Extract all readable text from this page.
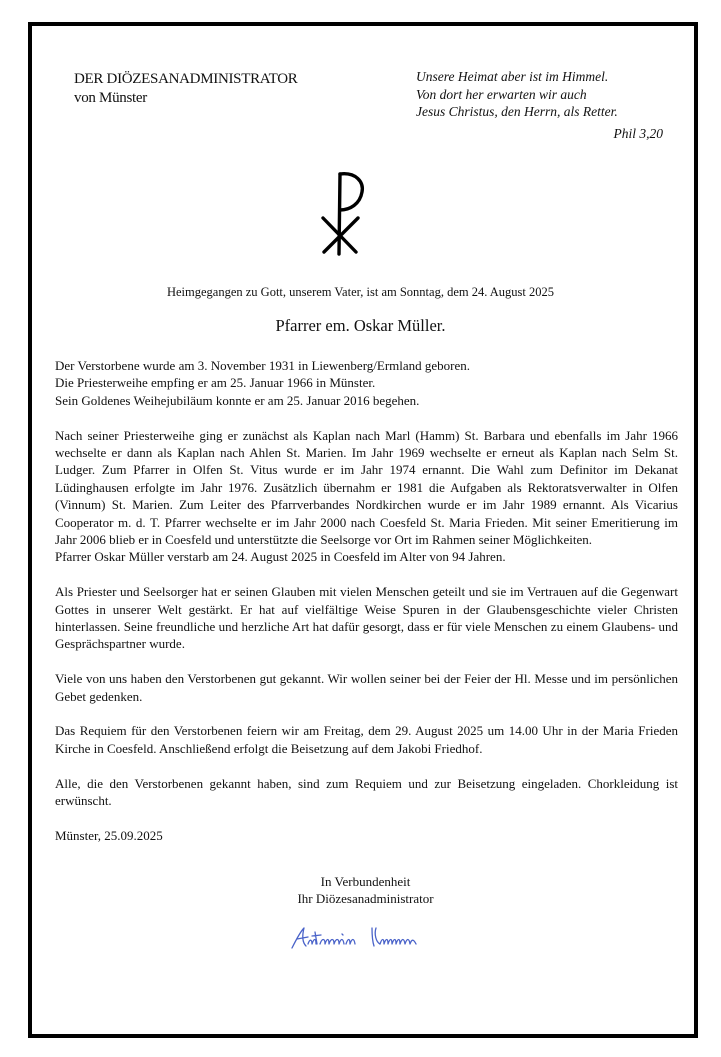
DER DIÖZESANADMINISTRATOR
von Münster
Unsere Heimat aber ist im Himmel.
Von dort her erwarten wir auch
Jesus Christus, den Herrn, als Retter.
Phil 3,20
Heimgegangen zu Gott, unserem Vater, ist am Sonntag, dem 24. August 2025
Pfarrer em. Oskar Müller.

Der Verstorbene wurde am 3. November 1931 in Liewenberg/Ermland geboren.
Die Priesterweihe empfing er am 25. Januar 1966 in Münster.
Sein Goldenes Weihejubiläum konnte er am 25. Januar 2016 begehen.

Nach seiner Priesterweihe ging er zunächst als Kaplan nach Marl (Hamm) St. Barbara und ebenfalls im Jahr 1966 wechselte er dann als Kaplan nach Ahlen St. Marien. Im Jahr 1969 wechselte er erneut als Kaplan nach Selm St. Ludger. Zum Pfarrer in Olfen St. Vitus wurde er im Jahr 1974 ernannt. Die Wahl zum Definitor im Dekanat Lüdinghausen erfolgte im Jahr 1976. Zusätzlich übernahm er 1981 die Aufgaben als Rektoratsverwalter in Olfen (Vinnum) St. Marien. Zum Leiter des Pfarrverbandes Nordkirchen wurde er im Jahr 1989 ernannt. Als Vicarius Cooperator m. d. T. Pfarrer wechselte er im Jahr 2000 nach Coesfeld St. Maria Frieden. Mit seiner Emeritierung im Jahr 2006 blieb er in Coesfeld und unterstützte die Seelsorge vor Ort im Rahmen seiner Möglichkeiten.

Pfarrer Oskar Müller verstarb am 24. August 2025 in Coesfeld im Alter von 94 Jahren.

Als Priester und Seelsorger hat er seinen Glauben mit vielen Menschen geteilt und sie im Vertrauen auf die Gegenwart Gottes in unserer Welt gestärkt. Er hat auf vielfältige Weise Spuren in der Glaubensgeschichte vieler Christen hinterlassen. Seine freundliche und herzliche Art hat dafür gesorgt, dass er für viele Menschen zu einem Glaubens- und Gesprächspartner wurde.

Viele von uns haben den Verstorbenen gut gekannt. Wir wollen seiner bei der Feier der Hl. Messe und im persönlichen Gebet gedenken.

Das Requiem für den Verstorbenen feiern wir am Freitag, dem 29. August 2025 um 14.00 Uhr in der Maria Frieden Kirche in Coesfeld. Anschließend erfolgt die Beisetzung auf dem Jakobi Friedhof.

Alle, die den Verstorbenen gekannt haben, sind zum Requiem und zur Beisetzung eingeladen. Chorkleidung ist erwünscht.

Münster, 25.09.2025

In Verbundenheit
Ihr Diözesanadministrator
